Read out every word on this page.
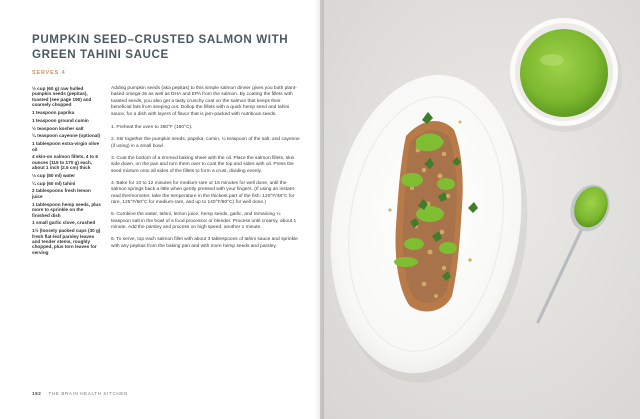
PUMPKIN SEED–CRUSTED SALMON WITH GREEN TAHINI SAUCE
SERVES 4
½ cup (60 g) raw hulled pumpkin seeds (pepitas), toasted (see page 190) and coarsely chopped
1 teaspoon paprika
1 teaspoon ground cumin
½ teaspoon kosher salt
¼ teaspoon cayenne (optional)
1 tablespoon extra-virgin olive oil
4 skin-on salmon fillets, 4 to 6 ounces (115 to 170 g) each, about 1 inch (2.5 cm) thick
⅓ cup (80 ml) water
¼ cup (60 ml) tahini
2 tablespoons fresh lemon juice
1 tablespoon hemp seeds, plus more to sprinkle on the finished dish
1 small garlic clove, crushed
1½ (loosely packed cups (30 g) fresh flat-leaf parsley leaves and tender stems, roughly chopped, plus torn leaves for serving

Adding pumpkin seeds (aka pepitas) to this simple salmon dinner gives you both plant-based omega-3s as well as DHA and EPA from the salmon. By coating the fillets with toasted seeds, you also get a tasty crunchy coat on the salmon that keeps their beneficial fats from seeping out. Dollop the fillets with a quick hemp seed and tahini sauce, for a dish with layers of flavor that is jam-packed with nutritious seeds.

1. Preheat the oven to 350°F (180°C).

2. Stir together the pumpkin seeds, paprika, cumin, ¼ teaspoon of the salt, and cayenne (if using) in a small bowl.

3. Coat the bottom of a rimmed baking sheet with the oil. Place the salmon fillets, skin side down, on the pan and turn them over to coat the top and sides with oil. Press the seed mixture onto all sides of the fillets to form a crust, dividing evenly.

4. Bake for 10 to 12 minutes for medium-rare or 15 minutes for well done, until the salmon springs back a little when gently pressed with your fingers. (If using an instant-read thermometer, take the temperature in the thickest part of the fish: 120°F/48°C for rare, 125°F/50°C for medium-rare, and up to 140°F/60°C) for well done.)

5. Combine the water, tahini, lemon juice, hemp seeds, garlic, and remaining ¼ teaspoon salt in the bowl of a food processor or blender. Process until creamy, about 1 minute. Add the parsley and process on high speed, another 1 minute.

6. To serve, top each salmon fillet with about 3 tablespoons of tahini sauce and sprinkle with any pepitas from the baking pan and with more hemp seeds and parsley.

192 THE BRAIN HEALTH KITCHEN
